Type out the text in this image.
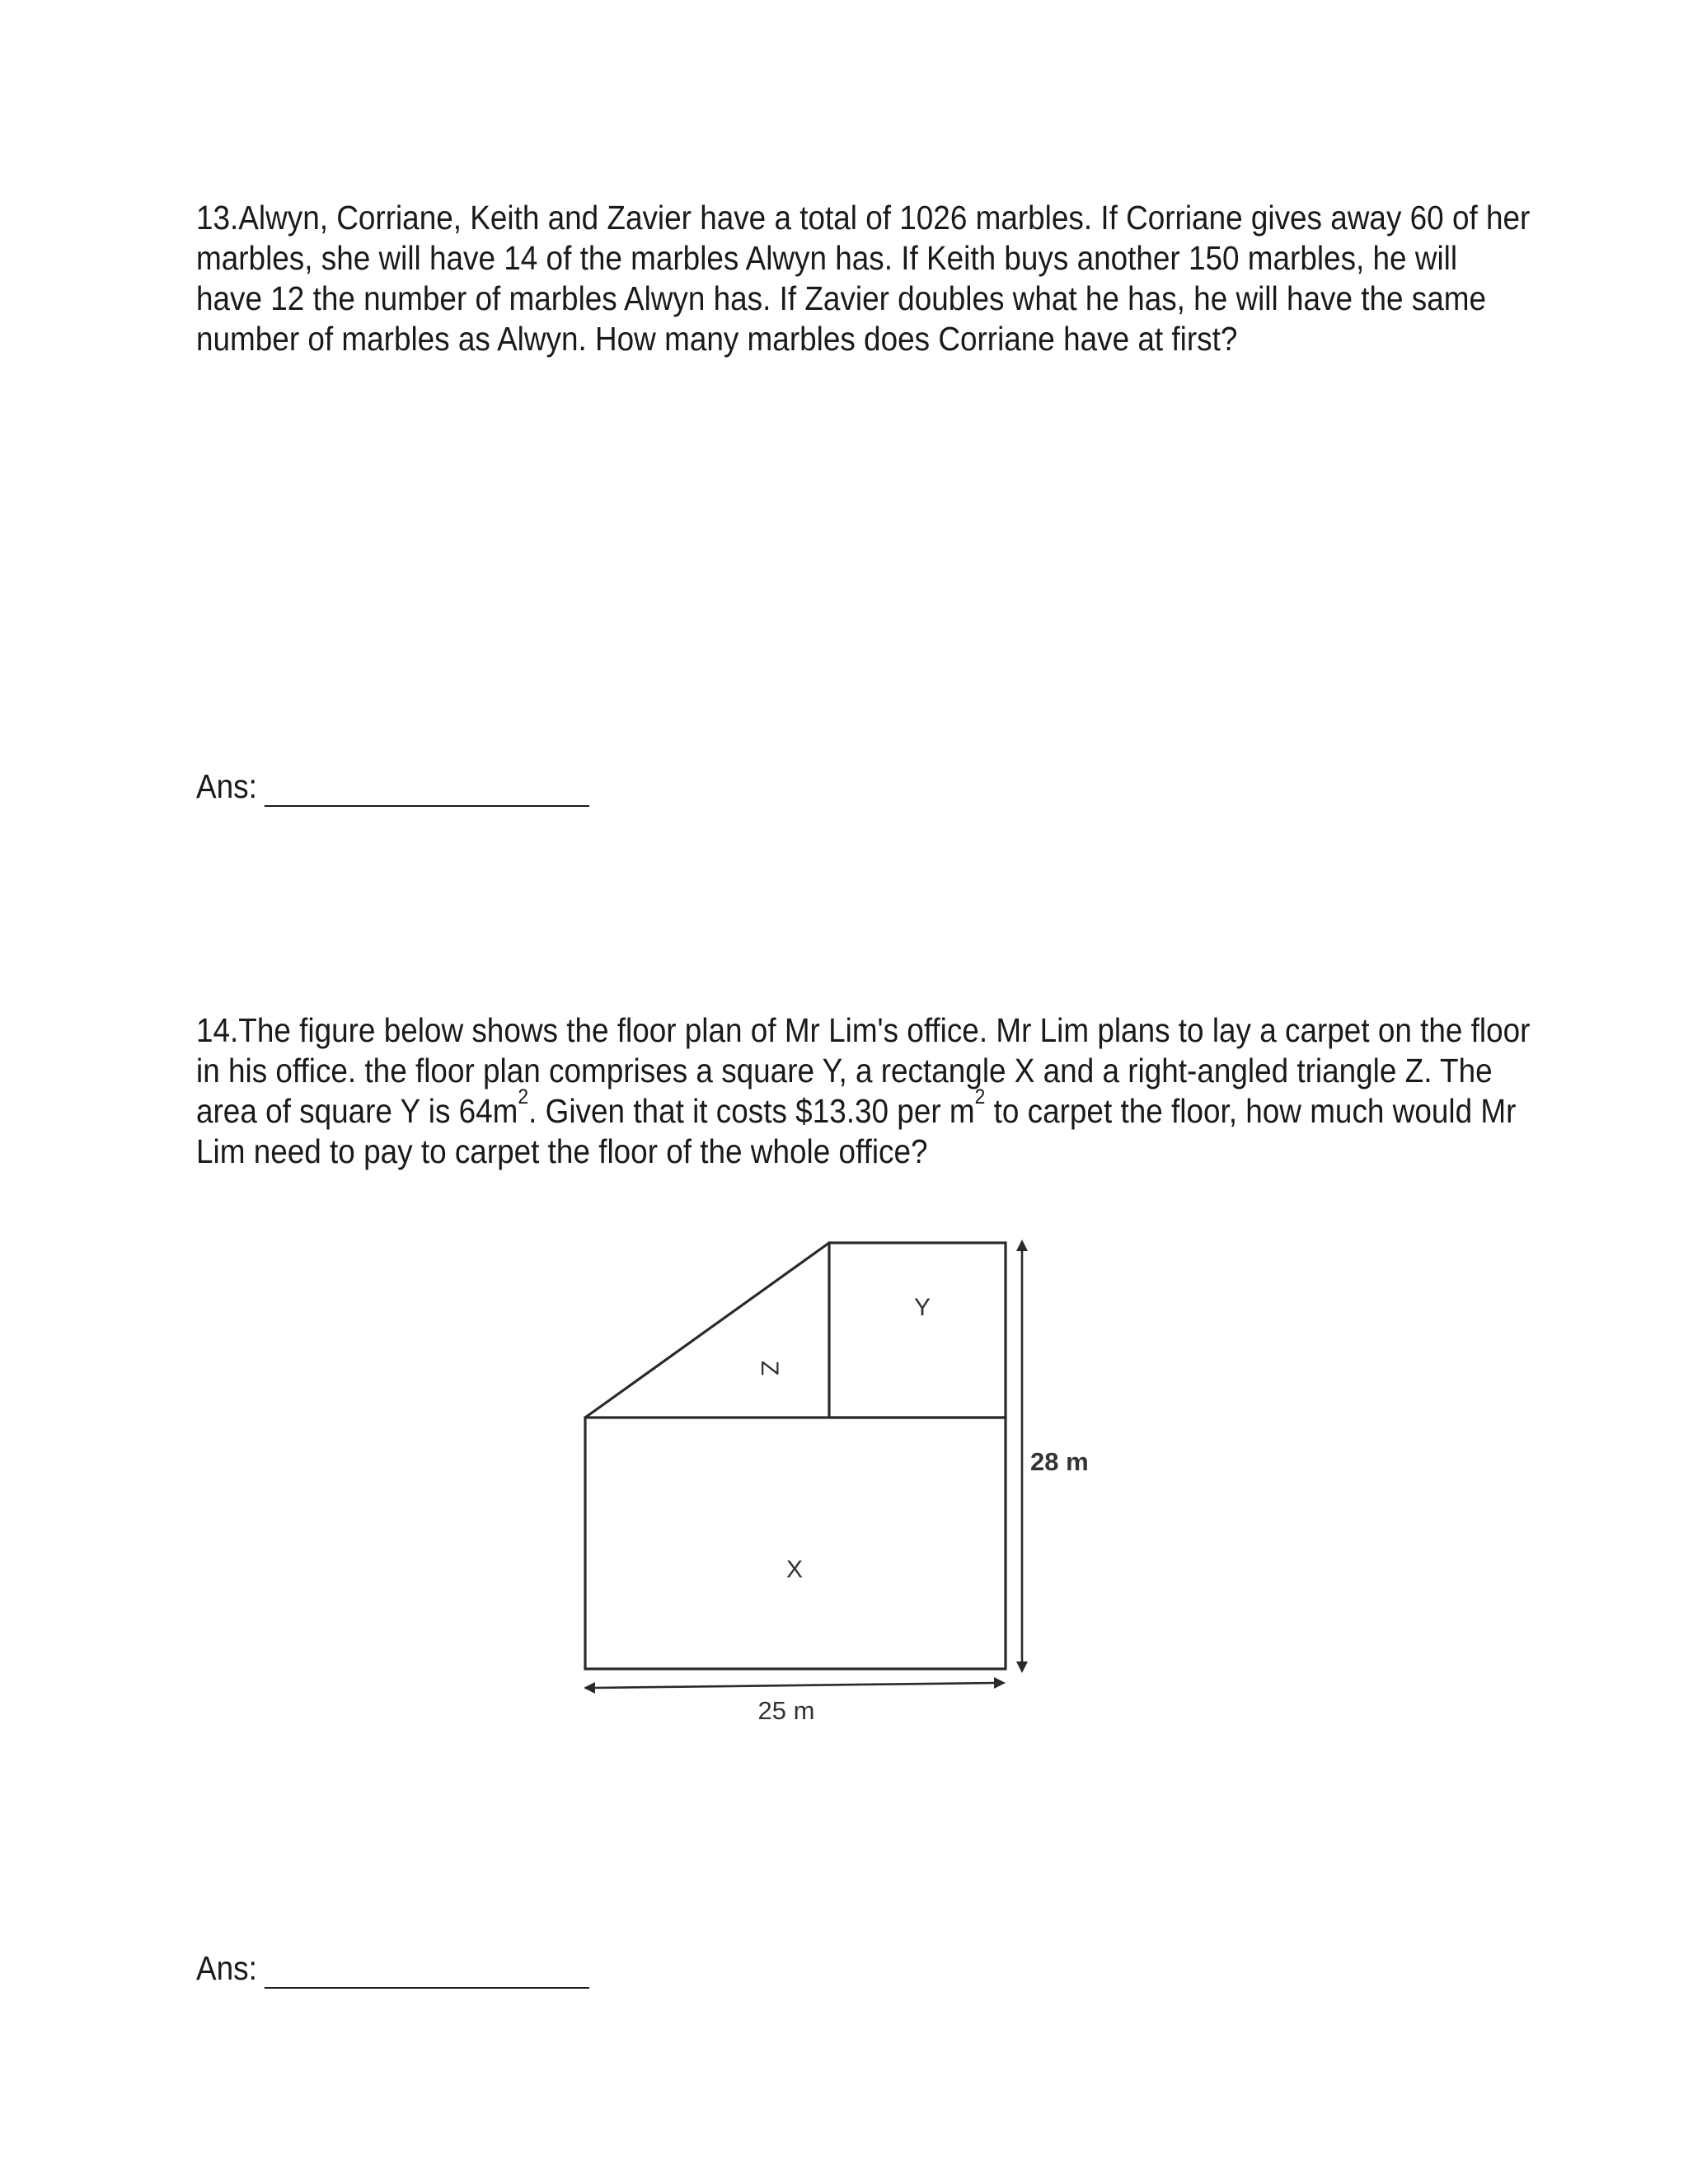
13.Alwyn, Corriane, Keith and Zavier have a total of 1026 marbles. If Corriane gives away 60 of her
marbles, she will have 14 of the marbles Alwyn has. If Keith buys another 150 marbles, he will
have 12 the number of marbles Alwyn has. If Zavier doubles what he has, he will have the same
number of marbles as Alwyn. How many marbles does Corriane have at first?
Ans:
14.The figure below shows the floor plan of Mr Lim's office. Mr Lim plans to lay a carpet on the floor
in his office. the floor plan comprises a square Y, a rectangle X and a right-angled triangle Z. The
area of square Y is $64m^2$. Given that it costs $13.30 per $m^2$ to carpet the floor, how much would Mr
Lim need to pay to carpet the floor of the whole office?
Y
Z
X
28 m
25 m
Ans:
